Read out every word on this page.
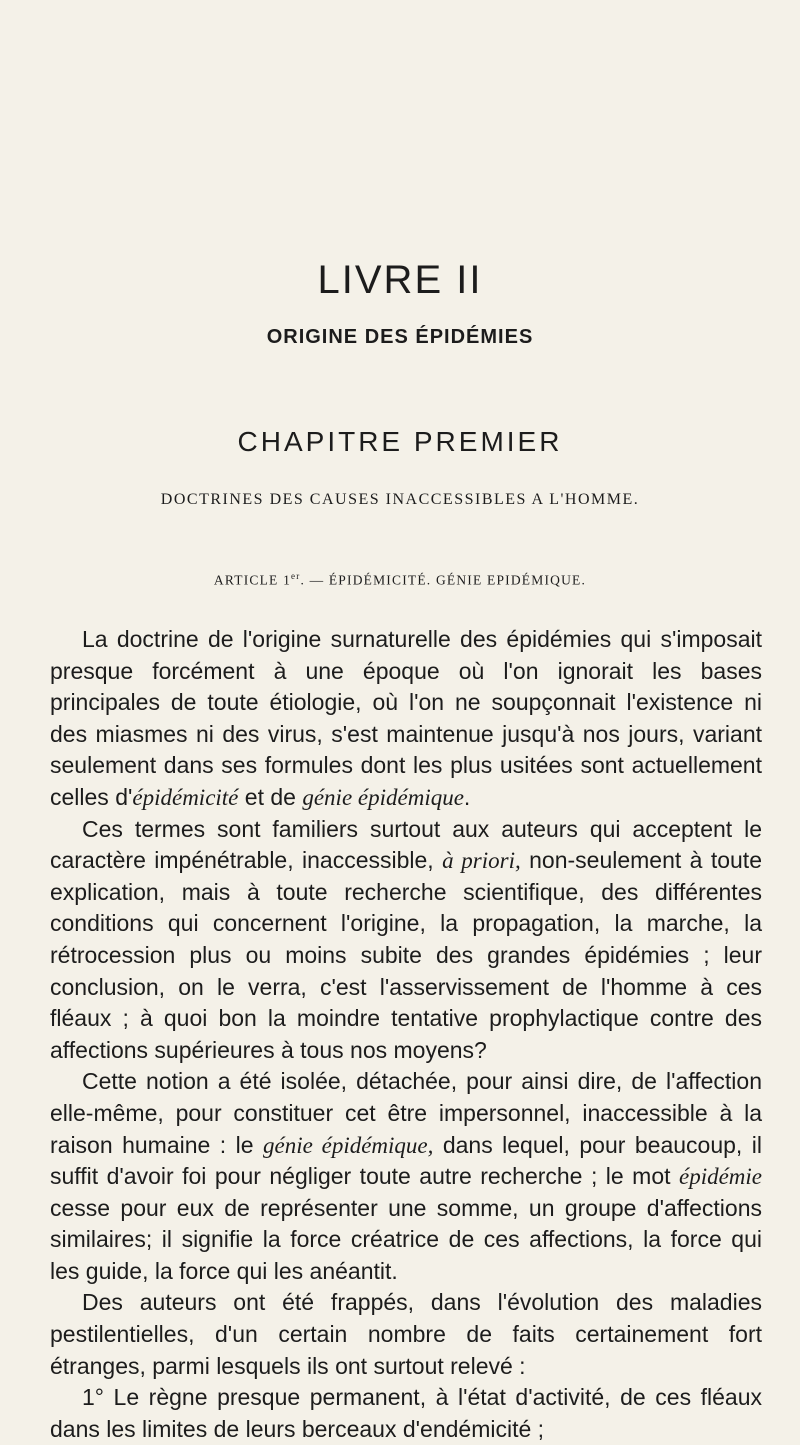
LIVRE II
ORIGINE DES ÉPIDÉMIES
CHAPITRE PREMIER
DOCTRINES DES CAUSES INACCESSIBLES A L'HOMME.
ARTICLE 1er. — ÉPIDÉMICITÉ. GÉNIE EPIDÉMIQUE.

La doctrine de l'origine surnaturelle des épidémies qui s'imposait presque forcément à une époque où l'on ignorait les bases principales de toute étiologie, où l'on ne soupçonnait l'existence ni des miasmes ni des virus, s'est maintenue jusqu'à nos jours, variant seulement dans ses formules dont les plus usitées sont actuellement celles d'épidémicité et de génie épidémique.

Ces termes sont familiers surtout aux auteurs qui acceptent le caractère impénétrable, inaccessible, à priori, non-seulement à toute explication, mais à toute recherche scientifique, des différentes conditions qui concernent l'origine, la propagation, la marche, la rétrocession plus ou moins subite des grandes épidémies ; leur conclusion, on le verra, c'est l'asservissement de l'homme à ces fléaux ; à quoi bon la moindre tentative prophylactique contre des affections supérieures à tous nos moyens?

Cette notion a été isolée, détachée, pour ainsi dire, de l'affection elle-même, pour constituer cet être impersonnel, inaccessible à la raison humaine : le génie épidémique, dans lequel, pour beaucoup, il suffit d'avoir foi pour négliger toute autre recherche ; le mot épidémie cesse pour eux de représenter une somme, un groupe d'affections similaires; il signifie la force créatrice de ces affections, la force qui les guide, la force qui les anéantit.

Des auteurs ont été frappés, dans l'évolution des maladies pestilentielles, d'un certain nombre de faits certainement fort étranges, parmi lesquels ils ont surtout relevé :

1° Le règne presque permanent, à l'état d'activité, de ces fléaux dans les limites de leurs berceaux d'endémicité ;
